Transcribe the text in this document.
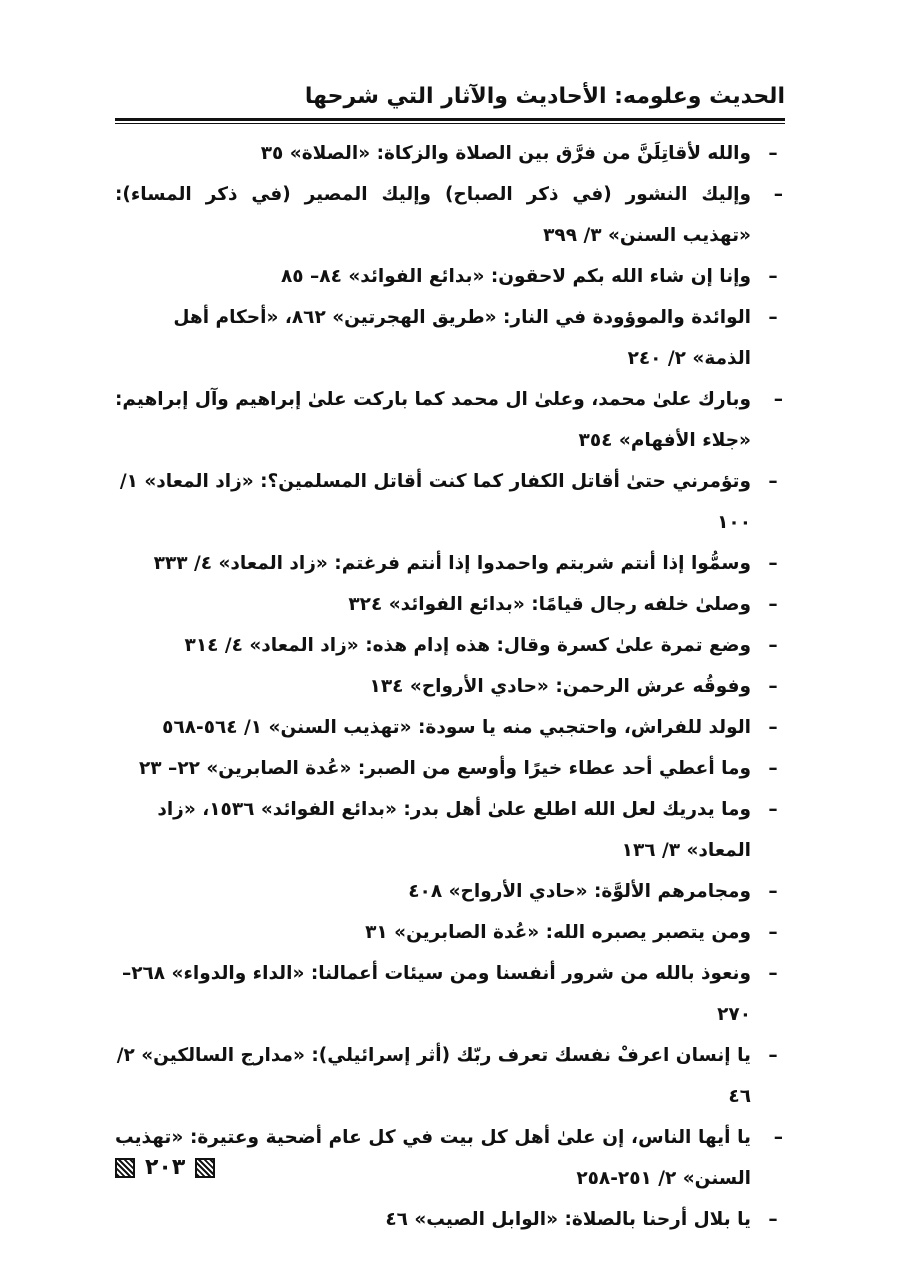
الحديث وعلومه: الأحاديث والآثار التي شرحها
–
والله لأقاتِلَنَّ من فرَّق بين الصلاة والزكاة: «الصلاة» ٣٥
–
وإليك النشور (في ذكر الصباح) وإليك المصير (في ذكر المساء): «تهذيب السنن» ٣/ ٣٩٩
–
وإنا إن شاء الله بكم لاحقون: «بدائع الفوائد» ٨٤– ٨٥
–
الوائدة والموؤودة في النار: «طريق الهجرتين» ٨٦٢، «أحكام أهل الذمة» ٢/ ٢٤٠
–
وبارك علىٰ محمد، وعلىٰ ال محمد كما باركت علىٰ إبراهيم وآل إبراهيم: «جلاء الأفهام» ٣٥٤
–
وتؤمرني حتىٰ أقاتل الكفار كما كنت أقاتل المسلمين؟: «زاد المعاد» ١/ ١٠٠
–
وسمُّوا إذا أنتم شربتم واحمدوا إذا أنتم فرغتم: «زاد المعاد» ٤/ ٣٣٣
–
وصلىٰ خلفه رجال قيامًا: «بدائع الفوائد» ٣٢٤
–
وضع تمرة علىٰ كسرة وقال: هذه إدام هذه: «زاد المعاد» ٤/ ٣١٤
–
وفوقُه عرش الرحمن: «حادي الأرواح» ١٣٤
–
الولد للفراش، واحتجبي منه يا سودة: «تهذيب السنن» ١/ ٥٦٤-٥٦٨
–
وما أعطي أحد عطاء خيرًا وأوسع من الصبر: «عُدة الصابرين» ٢٢– ٢٣
–
وما يدريك لعل الله اطلع علىٰ أهل بدر: «بدائع الفوائد» ١٥٣٦، «زاد المعاد» ٣/ ١٣٦
–
ومجامرهم الألوَّة: «حادي الأرواح» ٤٠٨
–
ومن يتصبر يصبره الله: «عُدة الصابرين» ٣١
–
ونعوذ بالله من شرور أنفسنا ومن سيئات أعمالنا: «الداء والدواء» ٢٦٨– ٢٧٠
–
يا إنسان اعرفْ نفسك تعرف ربّك (أثر إسرائيلي): «مدارج السالكين» ٢/ ٤٦
–
يا أيها الناس، إن علىٰ أهل كل بيت في كل عام أضحية وعتيرة: «تهذيب السنن» ٢/ ٢٥١-٢٥٨
–
يا بلال أرحنا بالصلاة: «الوابل الصيب» ٤٦
٢٠٣
